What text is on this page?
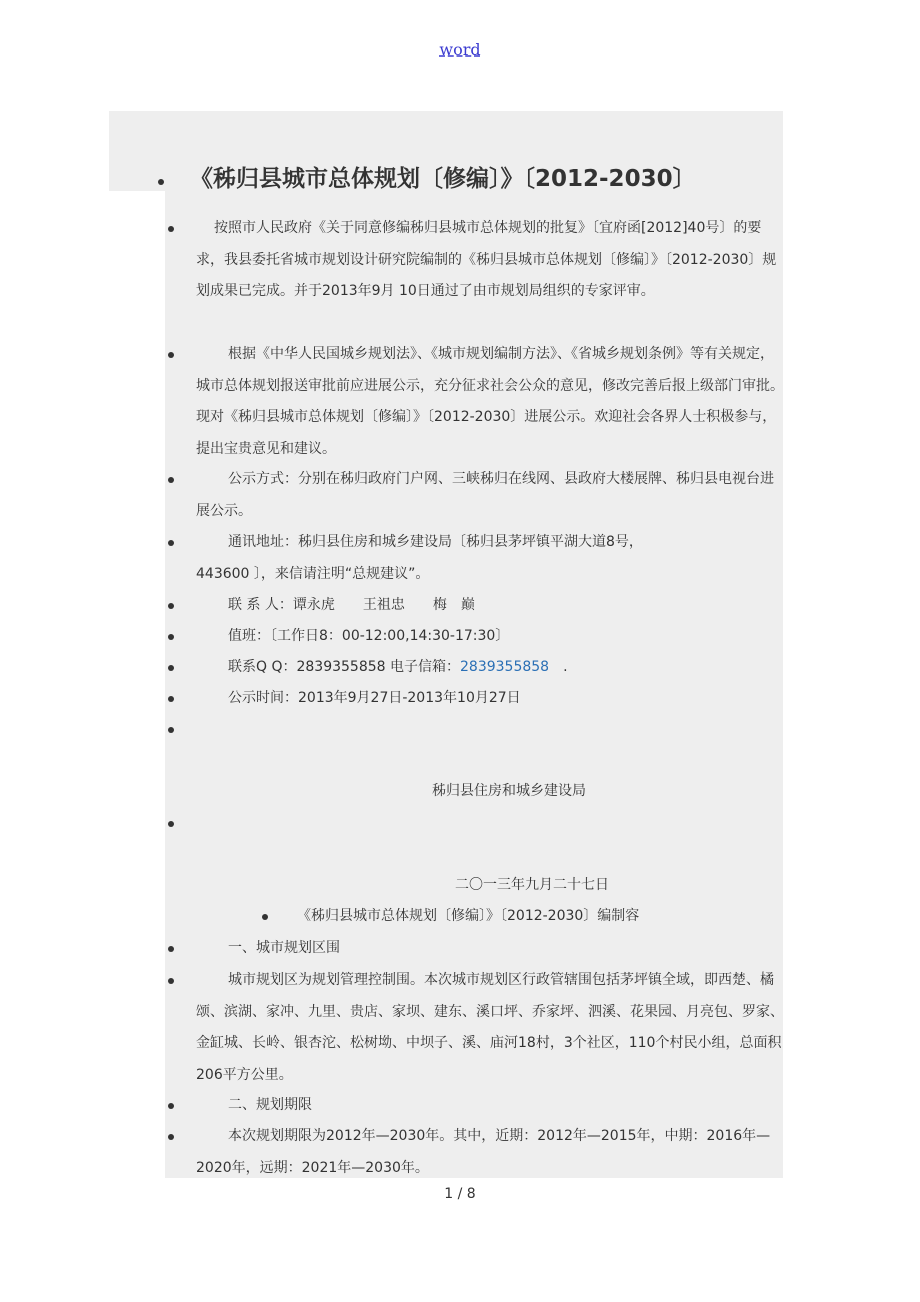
word
《秭归县城市总体规划〔修编〕》〔2012-2030〕
按照市人民政府《关于同意修编秭归县城市总体规划的批复》〔宜府函[2012]40号〕的要求，我县委托省城市规划设计研究院编制的《秭归县城市总体规划〔修编〕》〔2012-2030〕规划成果已完成。并于2013年9月 10日通过了由市规划局组织的专家评审。
根据《中华人民国城乡规划法》、《城市规划编制方法》、《省城乡规划条例》等有关规定，城市总体规划报送审批前应进展公示，充分征求社会公众的意见，修改完善后报上级部门审批。现对《秭归县城市总体规划〔修编〕》〔2012-2030〕进展公示。欢迎社会各界人士积极参与，提出宝贵意见和建议。
公示方式：分别在秭归政府门户网、三峡秭归在线网、县政府大楼展牌、秭归县电视台进展公示。
通讯地址：秭归县住房和城乡建设局〔秭归县茅坪镇平湖大道8号，
443600 〕，来信请注明“总规建议”。
联 系 人：谭永虎　　王祖忠　　梅　巅
值班：〔工作日8：00-12:00,14:30-17:30〕
联系Q Q：2839355858 电子信箱：2839355858　.
公示时间：2013年9月27日-2013年10月27日
秭归县住房和城乡建设局
二〇一三年九月二十七日
《秭归县城市总体规划〔修编〕》〔2012-2030〕编制容
一、城市规划区围
城市规划区为规划管理控制围。本次城市规划区行政管辖围包括茅坪镇全域，即西楚、橘颂、滨湖、家冲、九里、贵店、家坝、建东、溪口坪、乔家坪、泗溪、花果园、月亮包、罗家、金缸城、长岭、银杏沱、松树坳、中坝子、溪、庙河18村，3个社区，110个村民小组，总面积206平方公里。
二、规划期限
本次规划期限为2012年—2030年。其中，近期：2012年—2015年，中期：2016年—2020年，远期：2021年—2030年。
1 / 8
